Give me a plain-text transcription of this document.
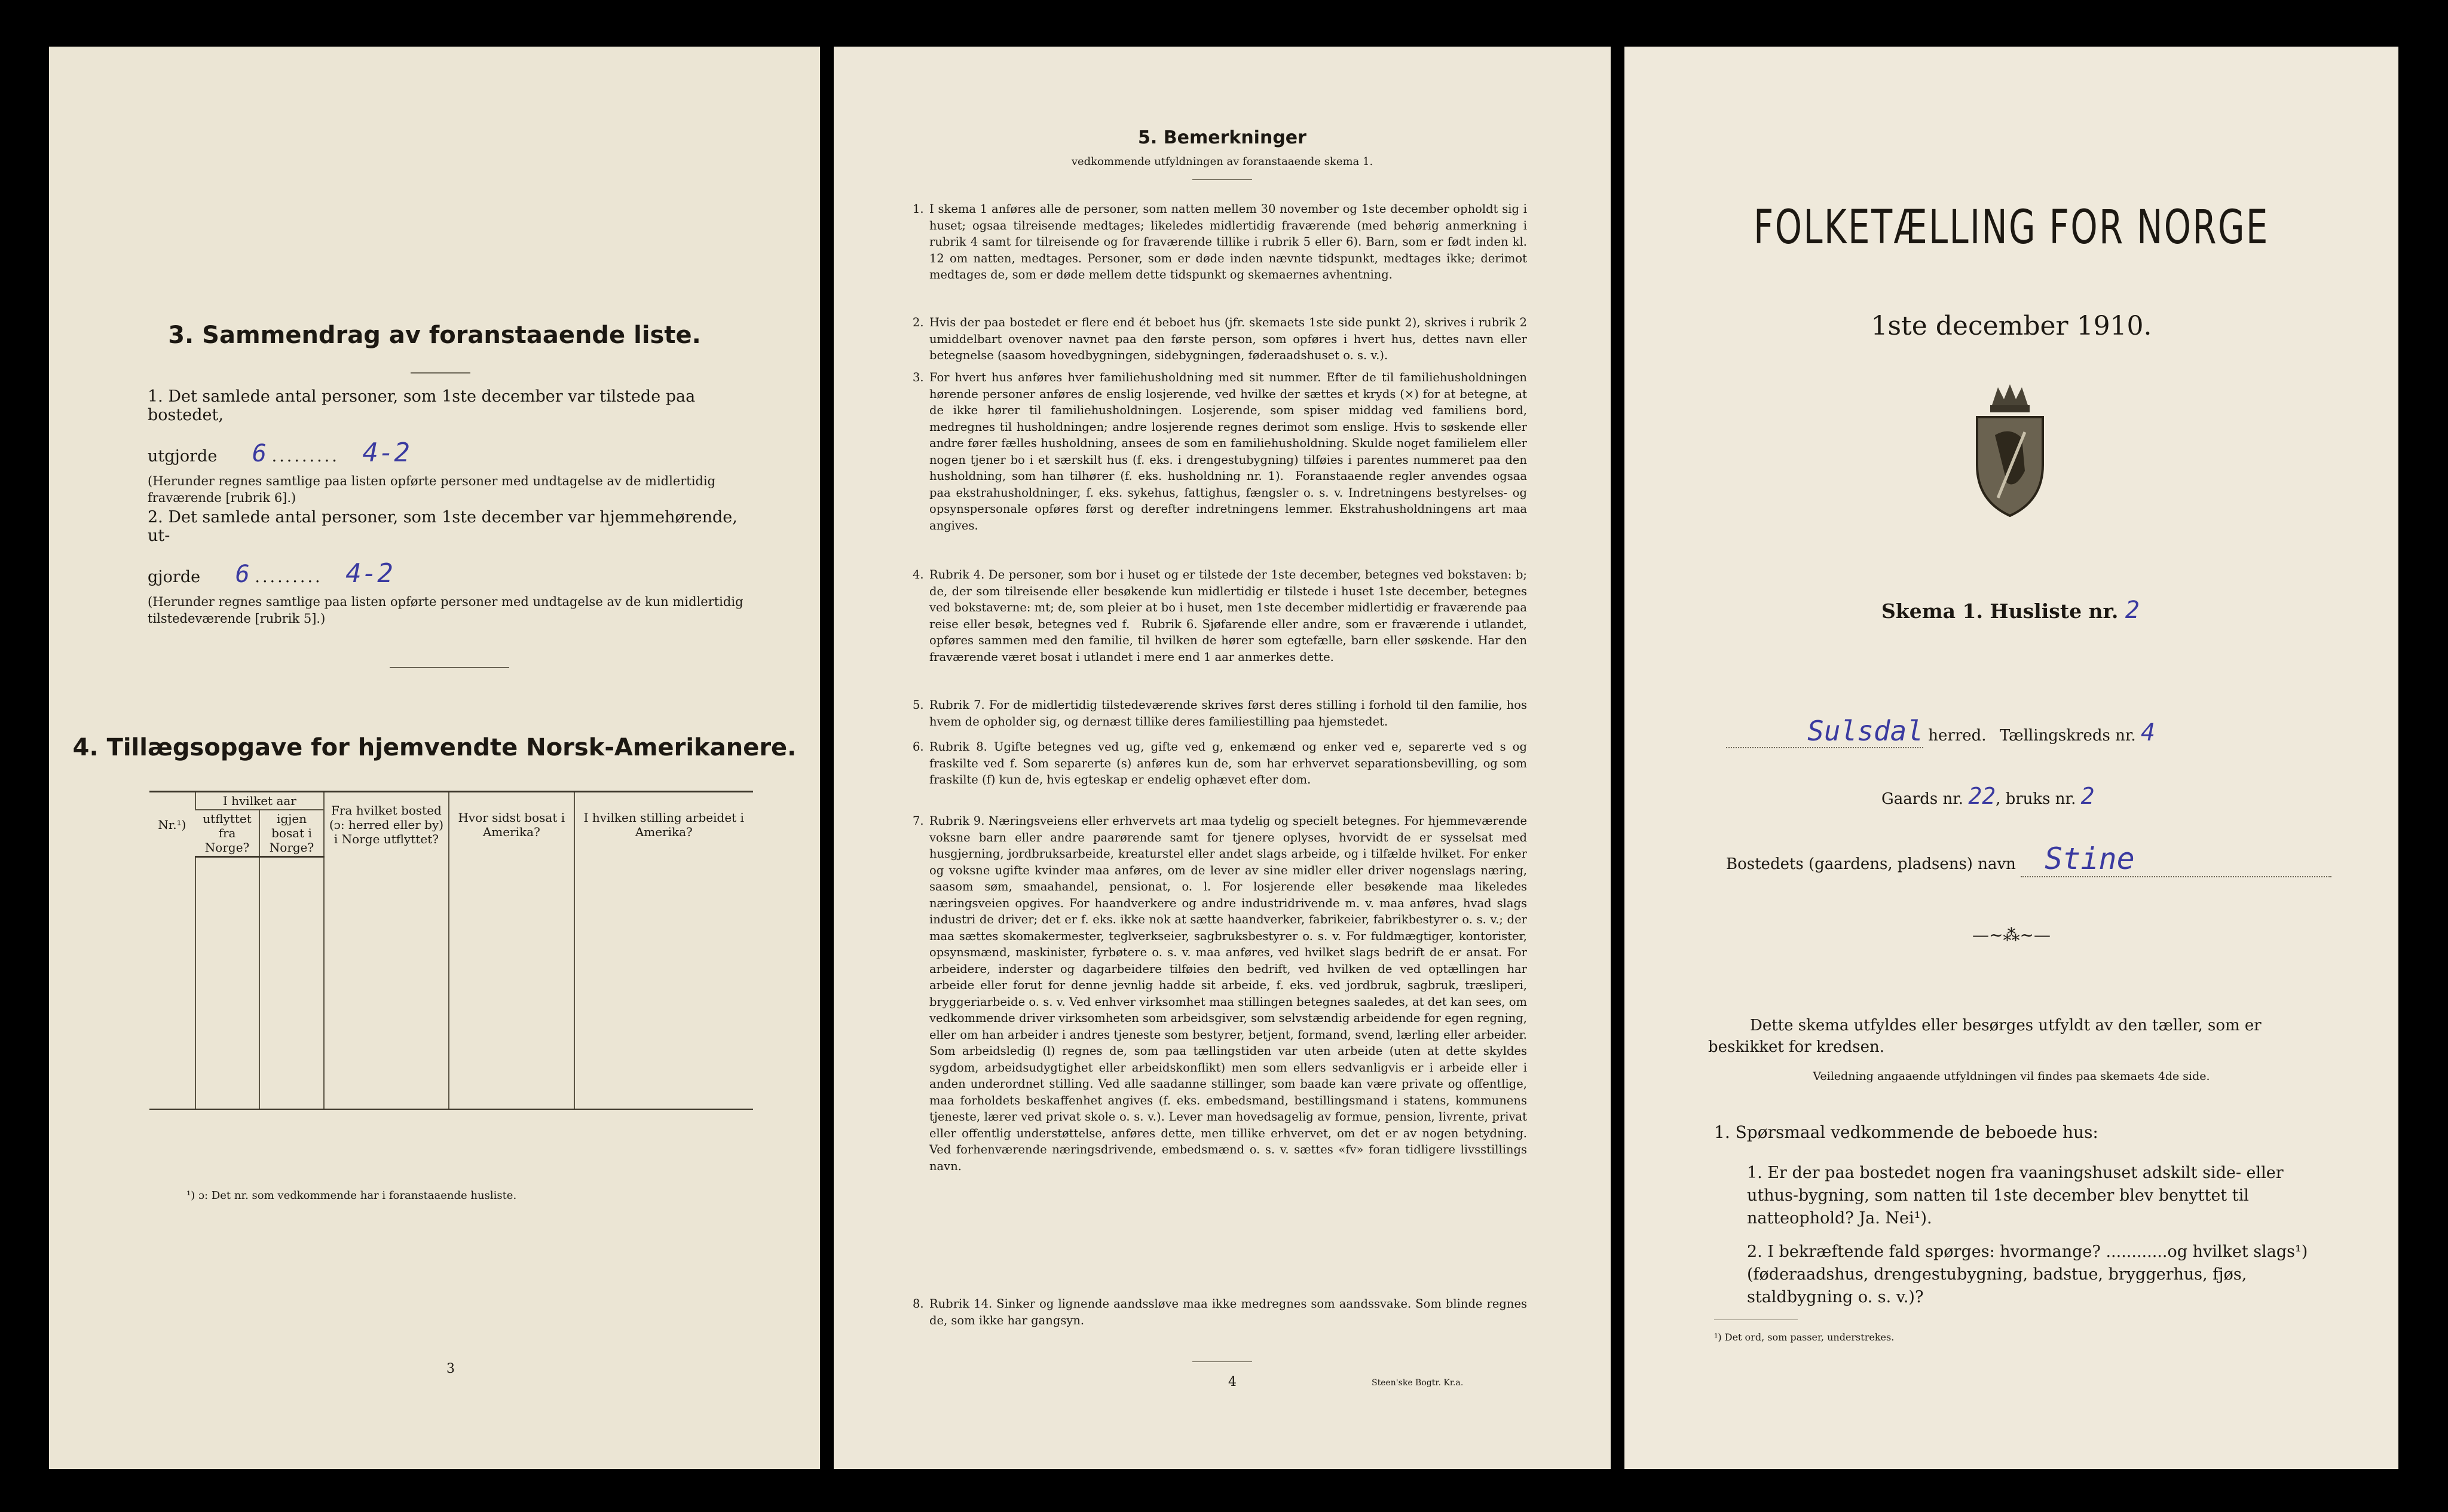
3. Sammendrag av foranstaaende liste.

1. Det samlede antal personer, som 1ste december var tilstede paa bostedet,

utgjorde 6 ......... 4-2

(Herunder regnes samtlige paa listen opførte personer med undtagelse av de midlertidig fraværende [rubrik 6].)

2. Det samlede antal personer, som 1ste december var hjemmehørende, ut-

gjorde 6 ......... 4-2

(Herunder regnes samtlige paa listen opførte personer med undtagelse av de kun midlertidig tilstedeværende [rubrik 5].)

4. Tillægsopgave for hjemvendte Norsk-Amerikanere.
Nr.¹)	I hvilket aar		Fra hvilket bosted (ɔ: herred eller by) i Norge utflyttet?	Hvor sidst bosat i Amerika?	I hvilken stilling arbeidet i Amerika?
	utflyttet fra Norge?	igjen bosat i Norge?			

¹) ɔ: Det nr. som vedkommende har i foranstaaende husliste.
3
5. Bemerkninger
vedkommende utfyldningen av foranstaaende skema 1.
1. I skema 1 anføres alle de personer, som natten mellem 30 november og 1ste december opholdt sig i huset; ogsaa tilreisende medtages; likeledes midlertidig fraværende (med behørig anmerkning i rubrik 4 samt for tilreisende og for fraværende tillike i rubrik 5 eller 6). Barn, som er født inden kl. 12 om natten, medtages. Personer, som er døde inden nævnte tidspunkt, medtages ikke; derimot medtages de, som er døde mellem dette tidspunkt og skemaernes avhentning.
2. Hvis der paa bostedet er flere end ét beboet hus (jfr. skemaets 1ste side punkt 2), skrives i rubrik 2 umiddelbart ovenover navnet paa den første person, som opføres i hvert hus, dettes navn eller betegnelse (saasom hovedbygningen, sidebygningen, føderaadshuset o. s. v.).
3. For hvert hus anføres hver familiehusholdning med sit nummer. Efter de til familiehusholdningen hørende personer anføres de enslig losjerende, ved hvilke der sættes et kryds (×) for at betegne, at de ikke hører til familiehusholdningen. Losjerende, som spiser middag ved familiens bord, medregnes til husholdningen; andre losjerende regnes derimot som enslige. Hvis to søskende eller andre fører fælles husholdning, ansees de som en familiehusholdning. Skulde noget familielem eller nogen tjener bo i et særskilt hus (f. eks. i drengestubygning) tilføies i parentes nummeret paa den husholdning, som han tilhører (f. eks. husholdning nr. 1). Foranstaaende regler anvendes ogsaa paa ekstrahusholdninger, f. eks. sykehus, fattighus, fængsler o. s. v. Indretningens bestyrelses- og opsynspersonale opføres først og derefter indretningens lemmer. Ekstrahusholdningens art maa angives.
4. Rubrik 4. De personer, som bor i huset og er tilstede der 1ste december, betegnes ved bokstaven: b; de, der som tilreisende eller besøkende kun midlertidig er tilstede i huset 1ste december, betegnes ved bokstaverne: mt; de, som pleier at bo i huset, men 1ste december midlertidig er fraværende paa reise eller besøk, betegnes ved f. Rubrik 6. Sjøfarende eller andre, som er fraværende i utlandet, opføres sammen med den familie, til hvilken de hører som egtefælle, barn eller søskende. Har den fraværende været bosat i utlandet i mere end 1 aar anmerkes dette.
5. Rubrik 7. For de midlertidig tilstedeværende skrives først deres stilling i forhold til den familie, hos hvem de opholder sig, og dernæst tillike deres familiestilling paa hjemstedet.
6. Rubrik 8. Ugifte betegnes ved ug, gifte ved g, enkemænd og enker ved e, separerte ved s og fraskilte ved f. Som separerte (s) anføres kun de, som har erhvervet separationsbevilling, og som fraskilte (f) kun de, hvis egteskap er endelig ophævet efter dom.
7. Rubrik 9. Næringsveiens eller erhvervets art maa tydelig og specielt betegnes. For hjemmeværende voksne barn eller andre paarørende samt for tjenere oplyses, hvorvidt de er sysselsat med husgjerning, jordbruksarbeide, kreaturstel eller andet slags arbeide, og i tilfælde hvilket. For enker og voksne ugifte kvinder maa anføres, om de lever av sine midler eller driver nogenslags næring, saasom søm, smaahandel, pensionat, o. l. For losjerende eller besøkende maa likeledes næringsveien opgives. For haandverkere og andre industridrivende m. v. maa anføres, hvad slags industri de driver; det er f. eks. ikke nok at sætte haandverker, fabrikeier, fabrikbestyrer o. s. v.; der maa sættes skomakermester, teglverkseier, sagbruksbestyrer o. s. v. For fuldmægtiger, kontorister, opsynsmænd, maskinister, fyrbøtere o. s. v. maa anføres, ved hvilket slags bedrift de er ansat. For arbeidere, inderster og dagarbeidere tilføies den bedrift, ved hvilken de ved optællingen har arbeide eller forut for denne jevnlig hadde sit arbeide, f. eks. ved jordbruk, sagbruk, træsliperi, bryggeriarbeide o. s. v. Ved enhver virksomhet maa stillingen betegnes saaledes, at det kan sees, om vedkommende driver virksomheten som arbeidsgiver, som selvstændig arbeidende for egen regning, eller om han arbeider i andres tjeneste som bestyrer, betjent, formand, svend, lærling eller arbeider. Som arbeidsledig (l) regnes de, som paa tællingstiden var uten arbeide (uten at dette skyldes sygdom, arbeidsudygtighet eller arbeidskonflikt) men som ellers sedvanligvis er i arbeide eller i anden underordnet stilling. Ved alle saadanne stillinger, som baade kan være private og offentlige, maa forholdets beskaffenhet angives (f. eks. embedsmand, bestillingsmand i statens, kommunens tjeneste, lærer ved privat skole o. s. v.). Lever man hovedsagelig av formue, pension, livrente, privat eller offentlig understøttelse, anføres dette, men tillike erhvervet, om det er av nogen betydning. Ved forhenværende næringsdrivende, embedsmænd o. s. v. sættes «fv» foran tidligere livsstillings navn.
8. Rubrik 14. Sinker og lignende aandssløve maa ikke medregnes som aandssvake. Som blinde regnes de, som ikke har gangsyn.
4	Steen'ske Bogtr. Kr.a.
FOLKETÆLLING FOR NORGE
1ste december 1910.
Skema 1. Husliste nr. 2
Sulsdal herred. Tællingskreds nr. 4
Gaards nr. 22, bruks nr. 2
Bostedets (gaardens, pladsens) navn Stine
—~⁂~—
Dette skema utfyldes eller besørges utfyldt av den tæller, som er beskikket for kredsen.
Veiledning angaaende utfyldningen vil findes paa skemaets 4de side.
1. Spørsmaal vedkommende de beboede hus:
1. Er der paa bostedet nogen fra vaaningshuset adskilt side- eller uthus-bygning, som natten til 1ste december blev benyttet til natteophold? Ja. Nei¹).
2. I bekræftende fald spørges: hvormange? ............og hvilket slags¹) (føderaadshus, drengestubygning, badstue, bryggerhus, fjøs, staldbygning o. s. v.)?
¹) Det ord, som passer, understrekes.
